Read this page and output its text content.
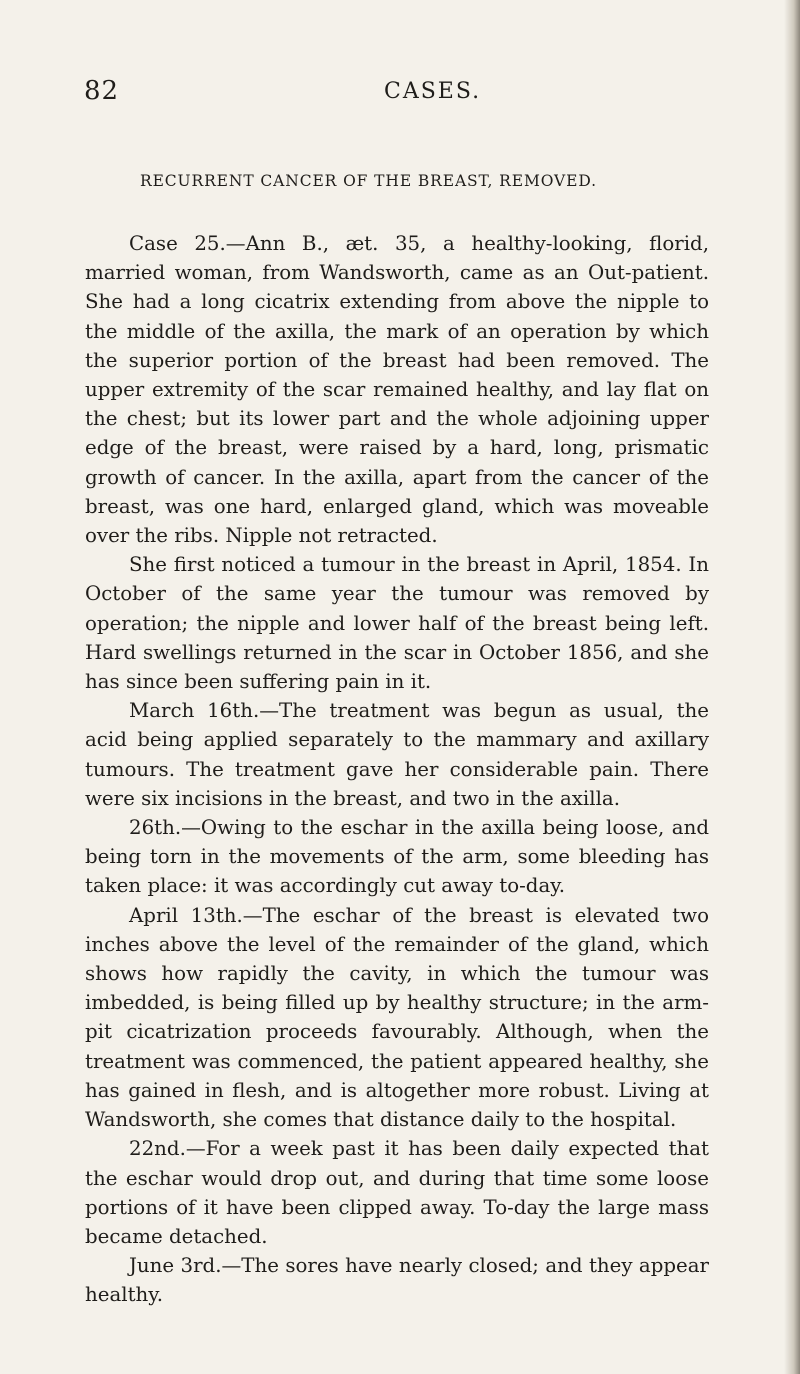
82	CASES.
RECURRENT CANCER OF THE BREAST, REMOVED.

Case 25.—Ann B., æt. 35, a healthy-looking, florid, married woman, from Wandsworth, came as an Out-patient. She had a long cicatrix extending from above the nipple to the middle of the axilla, the mark of an operation by which the superior portion of the breast had been removed. The upper extremity of the scar remained healthy, and lay flat on the chest; but its lower part and the whole adjoining upper edge of the breast, were raised by a hard, long, prismatic growth of cancer. In the axilla, apart from the cancer of the breast, was one hard, enlarged gland, which was moveable over the ribs. Nipple not retracted.

She first noticed a tumour in the breast in April, 1854. In October of the same year the tumour was removed by operation; the nipple and lower half of the breast being left. Hard swellings returned in the scar in October 1856, and she has since been suffering pain in it.

March 16th.—The treatment was begun as usual, the acid being applied separately to the mammary and axillary tumours. The treatment gave her considerable pain. There were six incisions in the breast, and two in the axilla.

26th.—Owing to the eschar in the axilla being loose, and being torn in the movements of the arm, some bleeding has taken place: it was accordingly cut away to-day.

April 13th.—The eschar of the breast is elevated two inches above the level of the remainder of the gland, which shows how rapidly the cavity, in which the tumour was imbedded, is being filled up by healthy structure; in the arm-pit cicatrization proceeds favourably. Although, when the treatment was commenced, the patient appeared healthy, she has gained in flesh, and is altogether more robust. Living at Wandsworth, she comes that distance daily to the hospital.

22nd.—For a week past it has been daily expected that the eschar would drop out, and during that time some loose portions of it have been clipped away. To-day the large mass became detached.

June 3rd.—The sores have nearly closed; and they appear healthy.
